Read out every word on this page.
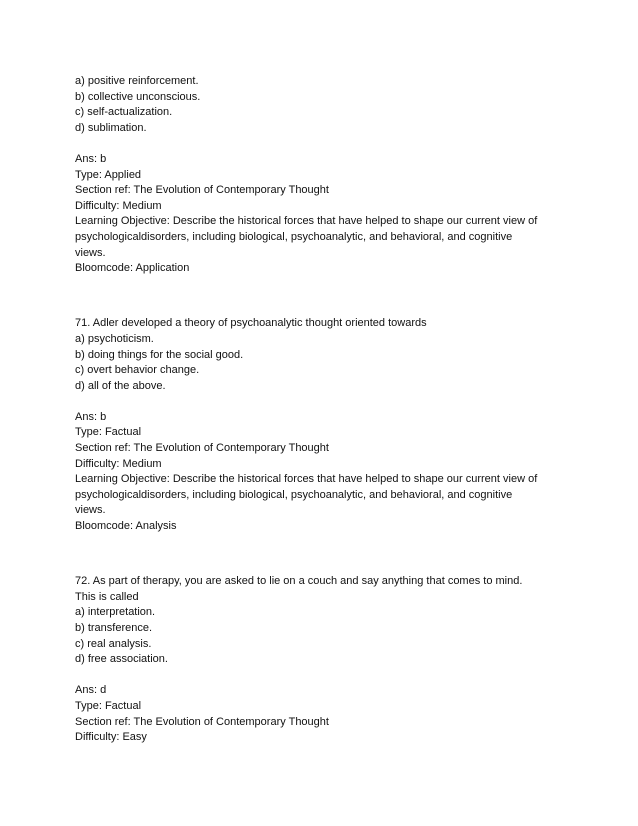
a) positive reinforcement.

b) collective unconscious.

c) self-actualization.

d) sublimation.

Ans: b

Type: Applied

Section ref: The Evolution of Contemporary Thought

Difficulty: Medium

Learning Objective: Describe the historical forces that have helped to shape our current view of

psychologicaldisorders, including biological, psychoanalytic, and behavioral, and cognitive

views.

Bloomcode: Application

71. Adler developed a theory of psychoanalytic thought oriented towards

a) psychoticism.

b) doing things for the social good.

c) overt behavior change.

d) all of the above.

Ans: b

Type: Factual

Section ref: The Evolution of Contemporary Thought

Difficulty: Medium

Learning Objective: Describe the historical forces that have helped to shape our current view of

psychologicaldisorders, including biological, psychoanalytic, and behavioral, and cognitive

views.

Bloomcode: Analysis

72. As part of therapy, you are asked to lie on a couch and say anything that comes to mind.

This is called

a) interpretation.

b) transference.

c) real analysis.

d) free association.

Ans: d

Type: Factual

Section ref: The Evolution of Contemporary Thought

Difficulty: Easy
